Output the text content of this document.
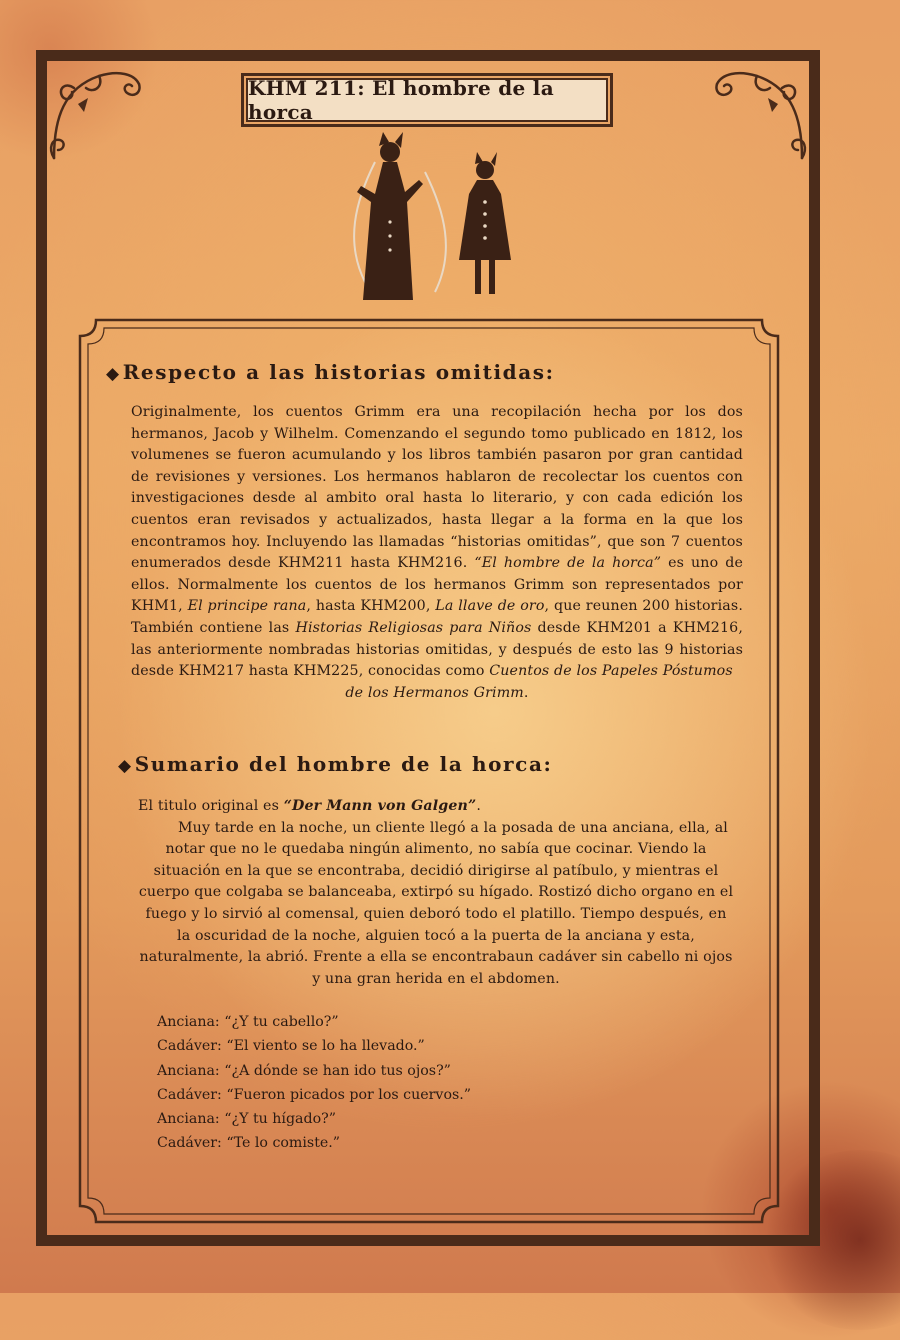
KHM 211: El hombre de la horca
◆ Respecto a las historias omitidas:

Originalmente, los cuentos Grimm era una recopilación hecha por los dos hermanos, Jacob y Wilhelm. Comenzando el segundo tomo publicado en 1812, los volumenes se fueron acumulando y los libros también pasaron por gran cantidad de revisiones y versiones. Los hermanos hablaron de recolectar los cuentos con investigaciones desde al ambito oral hasta lo literario, y con cada edición los cuentos eran revisados y actualizados, hasta llegar a la forma en la que los encontramos hoy. Incluyendo las llamadas “historias omitidas”, que son 7 cuentos enumerados desde KHM211 hasta KHM216. “El hombre de la horca” es uno de ellos. Normalmente los cuentos de los hermanos Grimm son representados por KHM1, El principe rana, hasta KHM200, La llave de oro, que reunen 200 historias. También contiene las Historias Religiosas para Niños desde KHM201 a KHM216, las anteriormente nombradas historias omitidas, y después de esto las 9 historias desde KHM217 hasta KHM225, conocidas como Cuentos de los Papeles Póstumos

de los Hermanos Grimm.

◆ Sumario del hombre de la horca:

El titulo original es “Der Mann von Galgen”.

Muy tarde en la noche, un cliente llegó a la posada de una anciana, ella, al notar que no le quedaba ningún alimento, no sabía que cocinar. Viendo la situación en la que se encontraba, decidió dirigirse al patíbulo, y mientras el cuerpo que colgaba se balanceaba, extirpó su hígado. Rostizó dicho organo en el fuego y lo sirvió al comensal, quien deboró todo el platillo. Tiempo después, en la oscuridad de la noche, alguien tocó a la puerta de la anciana y esta, naturalmente, la abrió. Frente a ella se encontrabaun cadáver sin cabello ni ojos y una gran herida en el abdomen.

Anciana: “¿Y tu cabello?”
Cadáver: “El viento se lo ha llevado.”
Anciana: “¿A dónde se han ido tus ojos?”
Cadáver: “Fueron picados por los cuervos.”
Anciana: “¿Y tu hígado?”
Cadáver: “Te lo comiste.”
